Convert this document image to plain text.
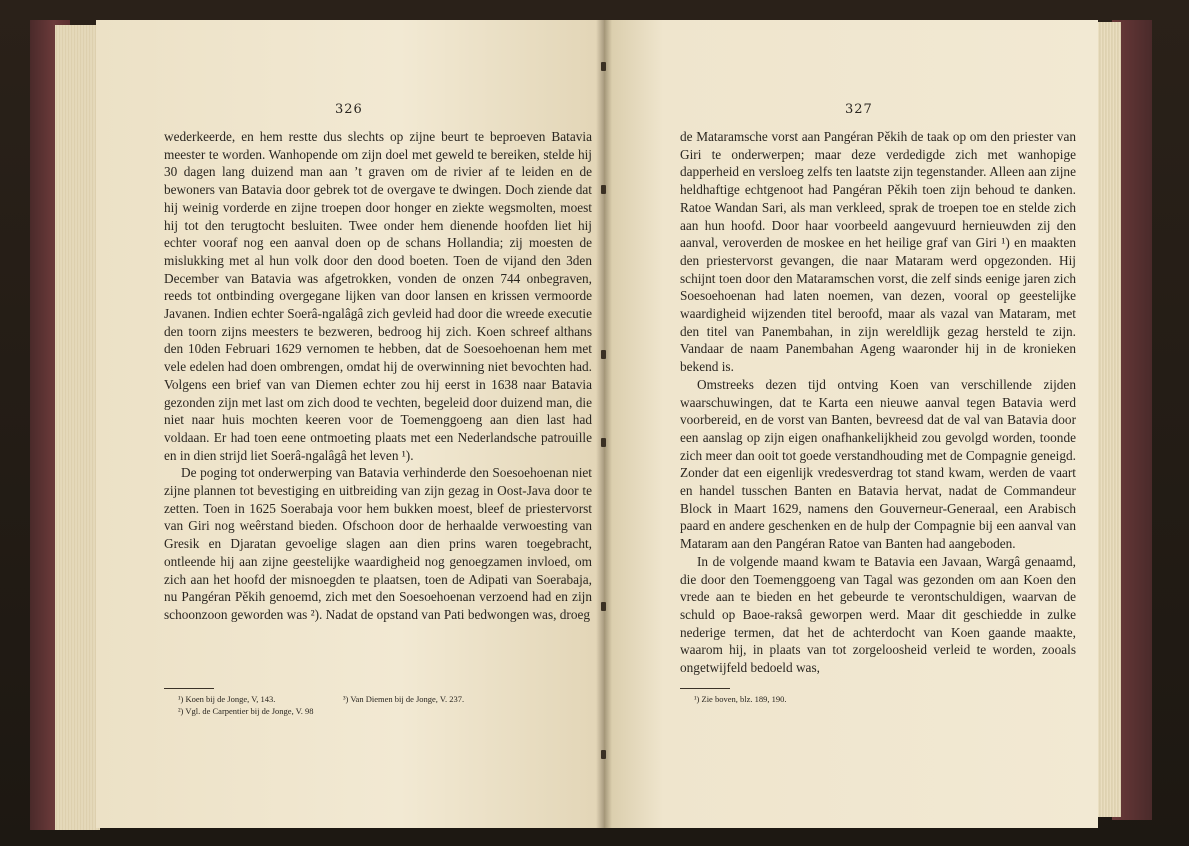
326

wederkeerde, en hem restte dus slechts op zijne beurt te beproeven Batavia meester te worden. Wanhopende om zijn doel met geweld te bereiken, stelde hij 30 dagen lang duizend man aan ’t graven om de rivier af te leiden en de bewoners van Batavia door gebrek tot de overgave te dwingen. Doch ziende dat hij weinig vorderde en zijne troepen door honger en ziekte wegsmolten, moest hij tot den terugtocht besluiten. Twee onder hem dienende hoofden liet hij echter vooraf nog een aanval doen op de schans Hollandia; zij moesten de mislukking met al hun volk door den dood boeten. Toen de vijand den 3den December van Batavia was afgetrokken, vonden de onzen 744 onbegraven, reeds tot ontbinding overgegane lijken van door lansen en krissen vermoorde Javanen. Indien echter Soerâ-ngalâgâ zich gevleid had door die wreede executie den toorn zijns meesters te bezweren, bedroog hij zich. Koen schreef althans den 10den Februari 1629 vernomen te hebben, dat de Soesoehoenan hem met vele edelen had doen ombrengen, omdat hij de overwinning niet bevochten had. Volgens een brief van van Diemen echter zou hij eerst in 1638 naar Batavia gezonden zijn met last om zich dood te vechten, begeleid door duizend man, die niet naar huis mochten keeren voor de Toemenggoeng aan dien last had voldaan. Er had toen eene ontmoeting plaats met een Nederlandsche patrouille en in dien strijd liet Soerâ-ngalâgâ het leven ¹).

De poging tot onderwerping van Batavia verhinderde den Soesoehoenan niet zijne plannen tot bevestiging en uitbreiding van zijn gezag in Oost-Java door te zetten. Toen in 1625 Soerabaja voor hem bukken moest, bleef de priestervorst van Giri nog weêrstand bieden. Ofschoon door de herhaalde verwoesting van Gresik en Djaratan gevoelige slagen aan dien prins waren toegebracht, ontleende hij aan zijne geestelijke waardigheid nog genoegzamen invloed, om zich aan het hoofd der misnoegden te plaatsen, toen de Adipati van Soerabaja, nu Pangéran Pěkih genoemd, zich met den Soesoehoenan verzoend had en zijn schoonzoon geworden was ²). Nadat de opstand van Pati bedwongen was, droeg

¹) Koen bij de Jonge, V, 143.	³) Van Diemen bij de Jonge, V. 237.
²) Vgl. de Carpentier bij de Jonge, V. 98
327

de Mataramsche vorst aan Pangéran Pěkih de taak op om den priester van Giri te onderwerpen; maar deze verdedigde zich met wanhopige dapperheid en versloeg zelfs ten laatste zijn tegenstander. Alleen aan zijne heldhaftige echtgenoot had Pangéran Pěkih toen zijn behoud te danken. Ratoe Wandan Sari, als man verkleed, sprak de troepen toe en stelde zich aan hun hoofd. Door haar voorbeeld aangevuurd hernieuwden zij den aanval, veroverden de moskee en het heilige graf van Giri ¹) en maakten den priestervorst gevangen, die naar Mataram werd opgezonden. Hij schijnt toen door den Mataramschen vorst, die zelf sinds eenige jaren zich Soesoehoenan had laten noemen, van dezen, vooral op geestelijke waardigheid wijzenden titel beroofd, maar als vazal van Mataram, met den titel van Panembahan, in zijn wereldlijk gezag hersteld te zijn. Vandaar de naam Panembahan Ageng waaronder hij in de kronieken bekend is.

Omstreeks dezen tijd ontving Koen van verschillende zijden waarschuwingen, dat te Karta een nieuwe aanval tegen Batavia werd voorbereid, en de vorst van Banten, bevreesd dat de val van Batavia door een aanslag op zijn eigen onafhankelijkheid zou gevolgd worden, toonde zich meer dan ooit tot goede verstandhouding met de Compagnie geneigd. Zonder dat een eigenlijk vredesverdrag tot stand kwam, werden de vaart en handel tusschen Banten en Batavia hervat, nadat de Commandeur Block in Maart 1629, namens den Gouverneur-Generaal, een Arabisch paard en andere geschenken en de hulp der Compagnie bij een aanval van Mataram aan den Pangéran Ratoe van Banten had aangeboden.

In de volgende maand kwam te Batavia een Javaan, Wargâ genaamd, die door den Toemenggoeng van Tagal was gezonden om aan Koen den vrede aan te bieden en het gebeurde te verontschuldigen, waarvan de schuld op Baoe-raksâ geworpen werd. Maar dit geschiedde in zulke nederige termen, dat het de achterdocht van Koen gaande maakte, waarom hij, in plaats van tot zorgeloosheid verleid te worden, zooals ongetwijfeld bedoeld was,

¹) Zie boven, blz. 189, 190.
